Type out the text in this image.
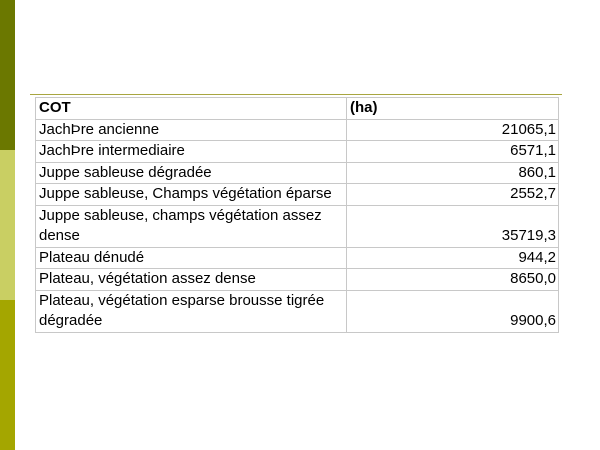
COT	(ha)
JachÞre ancienne	21065,1
JachÞre intermediaire	6571,1
Juppe sableuse dégradée	860,1
Juppe sableuse, Champs végétation éparse	2552,7
Juppe sableuse, champs végétation assez dense	35719,3
Plateau dénudé	944,2
Plateau, végétation assez dense	8650,0
Plateau, végétation esparse brousse tigrée dégradée	9900,6
